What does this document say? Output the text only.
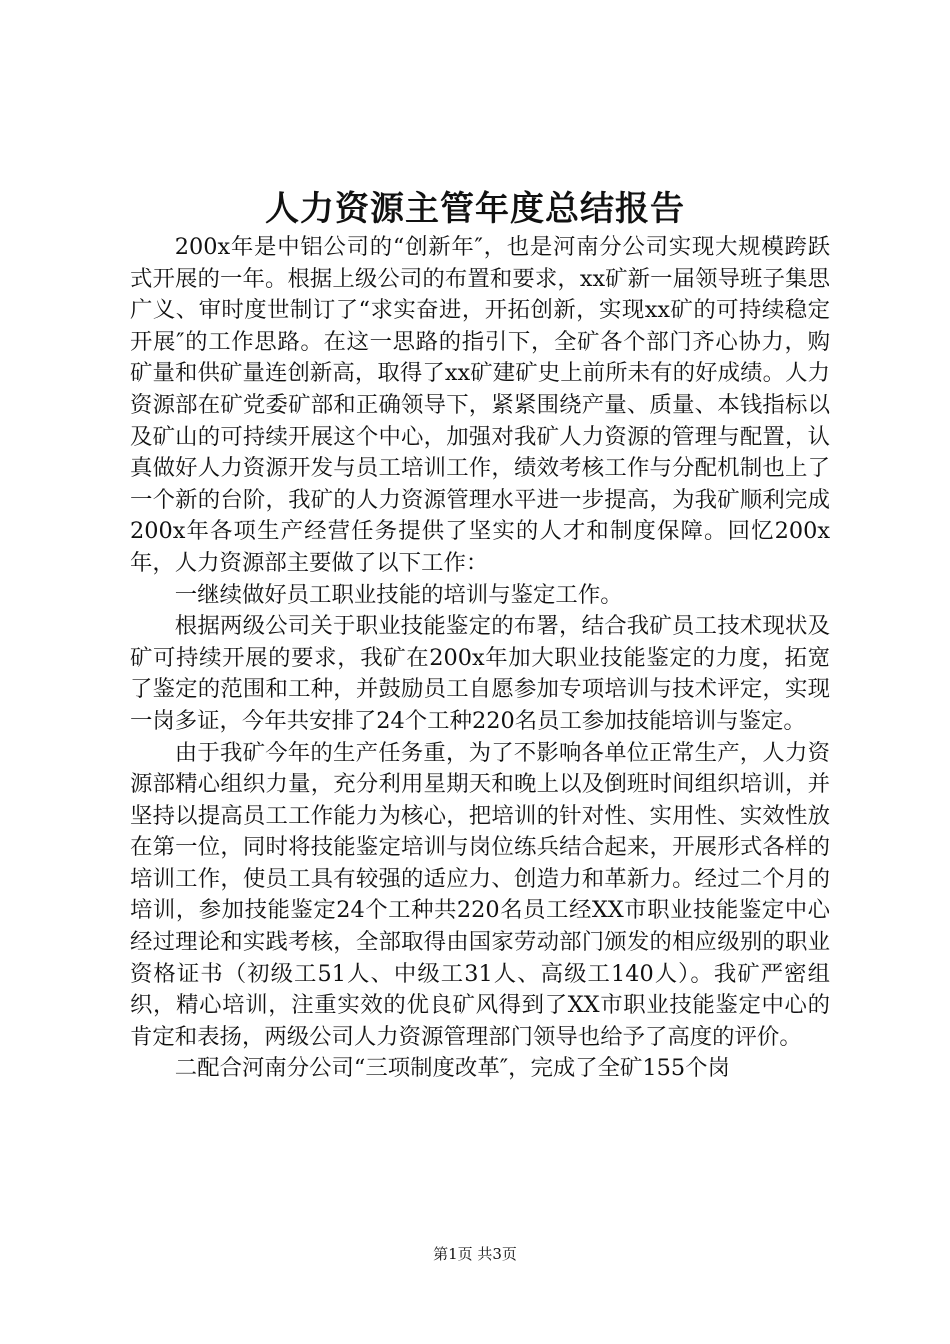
人力资源主管年度总结报告

200x年是中铝公司的“创新年″，也是河南分公司实现大规模跨跃式开展的一年。根据上级公司的布置和要求，xx矿新一届领导班子集思广义、审时度世制订了“求实奋进，开拓创新，实现xx矿的可持续稳定开展″的工作思路。在这一思路的指引下，全矿各个部门齐心协力，购矿量和供矿量连创新高，取得了xx矿建矿史上前所未有的好成绩。人力资源部在矿党委矿部和正确领导下，紧紧围绕产量、质量、本钱指标以及矿山的可持续开展这个中心，加强对我矿人力资源的管理与配置，认真做好人力资源开发与员工培训工作，绩效考核工作与分配机制也上了一个新的台阶，我矿的人力资源管理水平进一步提高，为我矿顺利完成200x年各项生产经营任务提供了坚实的人才和制度保障。回忆200x年，人力资源部主要做了以下工作：

一继续做好员工职业技能的培训与鉴定工作。

根据两级公司关于职业技能鉴定的布署，结合我矿员工技术现状及矿可持续开展的要求，我矿在200x年加大职业技能鉴定的力度，拓宽了鉴定的范围和工种，并鼓励员工自愿参加专项培训与技术评定，实现一岗多证，今年共安排了24个工种220名员工参加技能培训与鉴定。

由于我矿今年的生产任务重，为了不影响各单位正常生产，人力资源部精心组织力量，充分利用星期天和晚上以及倒班时间组织培训，并坚持以提高员工工作能力为核心，把培训的针对性、实用性、实效性放在第一位，同时将技能鉴定培训与岗位练兵结合起来，开展形式各样的培训工作，使员工具有较强的适应力、创造力和革新力。经过二个月的培训，参加技能鉴定24个工种共220名员工经XX市职业技能鉴定中心经过理论和实践考核，全部取得由国家劳动部门颁发的相应级别的职业资格证书（初级工51人、中级工31人、高级工140人）。我矿严密组织，精心培训，注重实效的优良矿风得到了XX市职业技能鉴定中心的肯定和表扬，两级公司人力资源管理部门领导也给予了高度的评价。

二配合河南分公司“三项制度改革″，完成了全矿155个岗

第1页 共3页
